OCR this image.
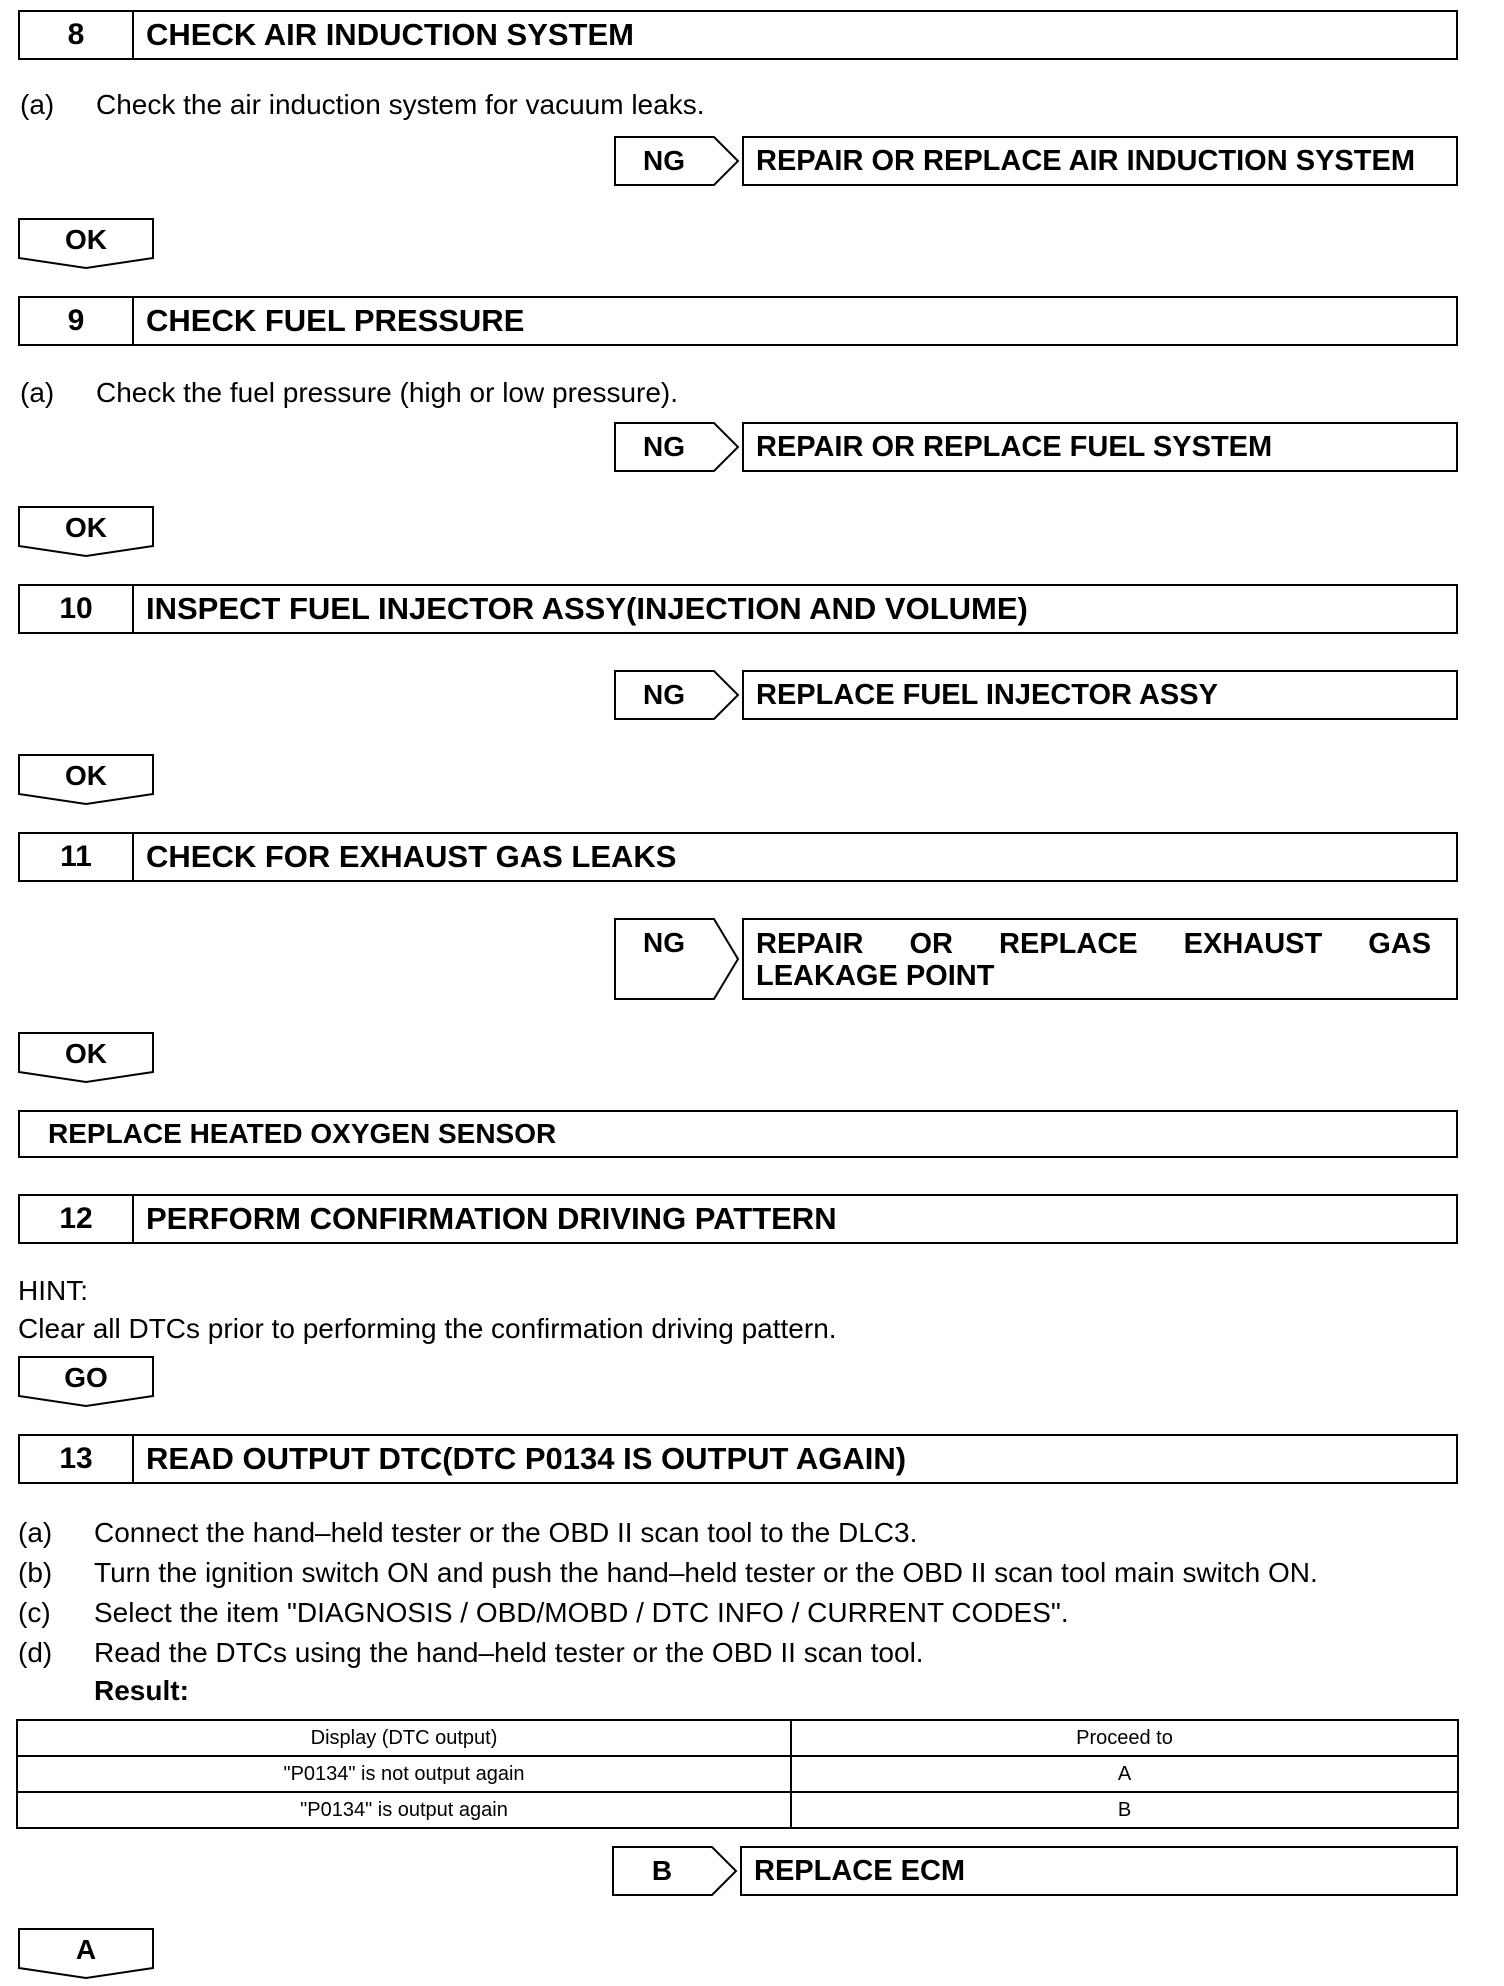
8	CHECK AIR INDUCTION SYSTEM
(a) Check the air induction system for vacuum leaks.
NG	REPAIR OR REPLACE AIR INDUCTION SYSTEM
OK
9	CHECK FUEL PRESSURE
(a) Check the fuel pressure (high or low pressure).
NG	REPAIR OR REPLACE FUEL SYSTEM
OK
10	INSPECT FUEL INJECTOR ASSY(INJECTION AND VOLUME)
NG	REPLACE FUEL INJECTOR ASSY
OK
11	CHECK FOR EXHAUST GAS LEAKS
NG	REPAIR OR REPLACE EXHAUST GAS
LEAKAGE POINT
OK
REPLACE HEATED OXYGEN SENSOR
12	PERFORM CONFIRMATION DRIVING PATTERN
HINT:
Clear all DTCs prior to performing the confirmation driving pattern.
GO
13	READ OUTPUT DTC(DTC P0134 IS OUTPUT AGAIN)
(a) Connect the hand–held tester or the OBD II scan tool to the DLC3.
(b) Turn the ignition switch ON and push the hand–held tester or the OBD II scan tool main switch ON.
(c) Select the item "DIAGNOSIS / OBD/MOBD / DTC INFO / CURRENT CODES".
(d) Read the DTCs using the hand–held tester or the OBD II scan tool.
Result:
Display (DTC output)	Proceed to
"P0134" is not output again	A
"P0134" is output again	B
B	REPLACE ECM
A
